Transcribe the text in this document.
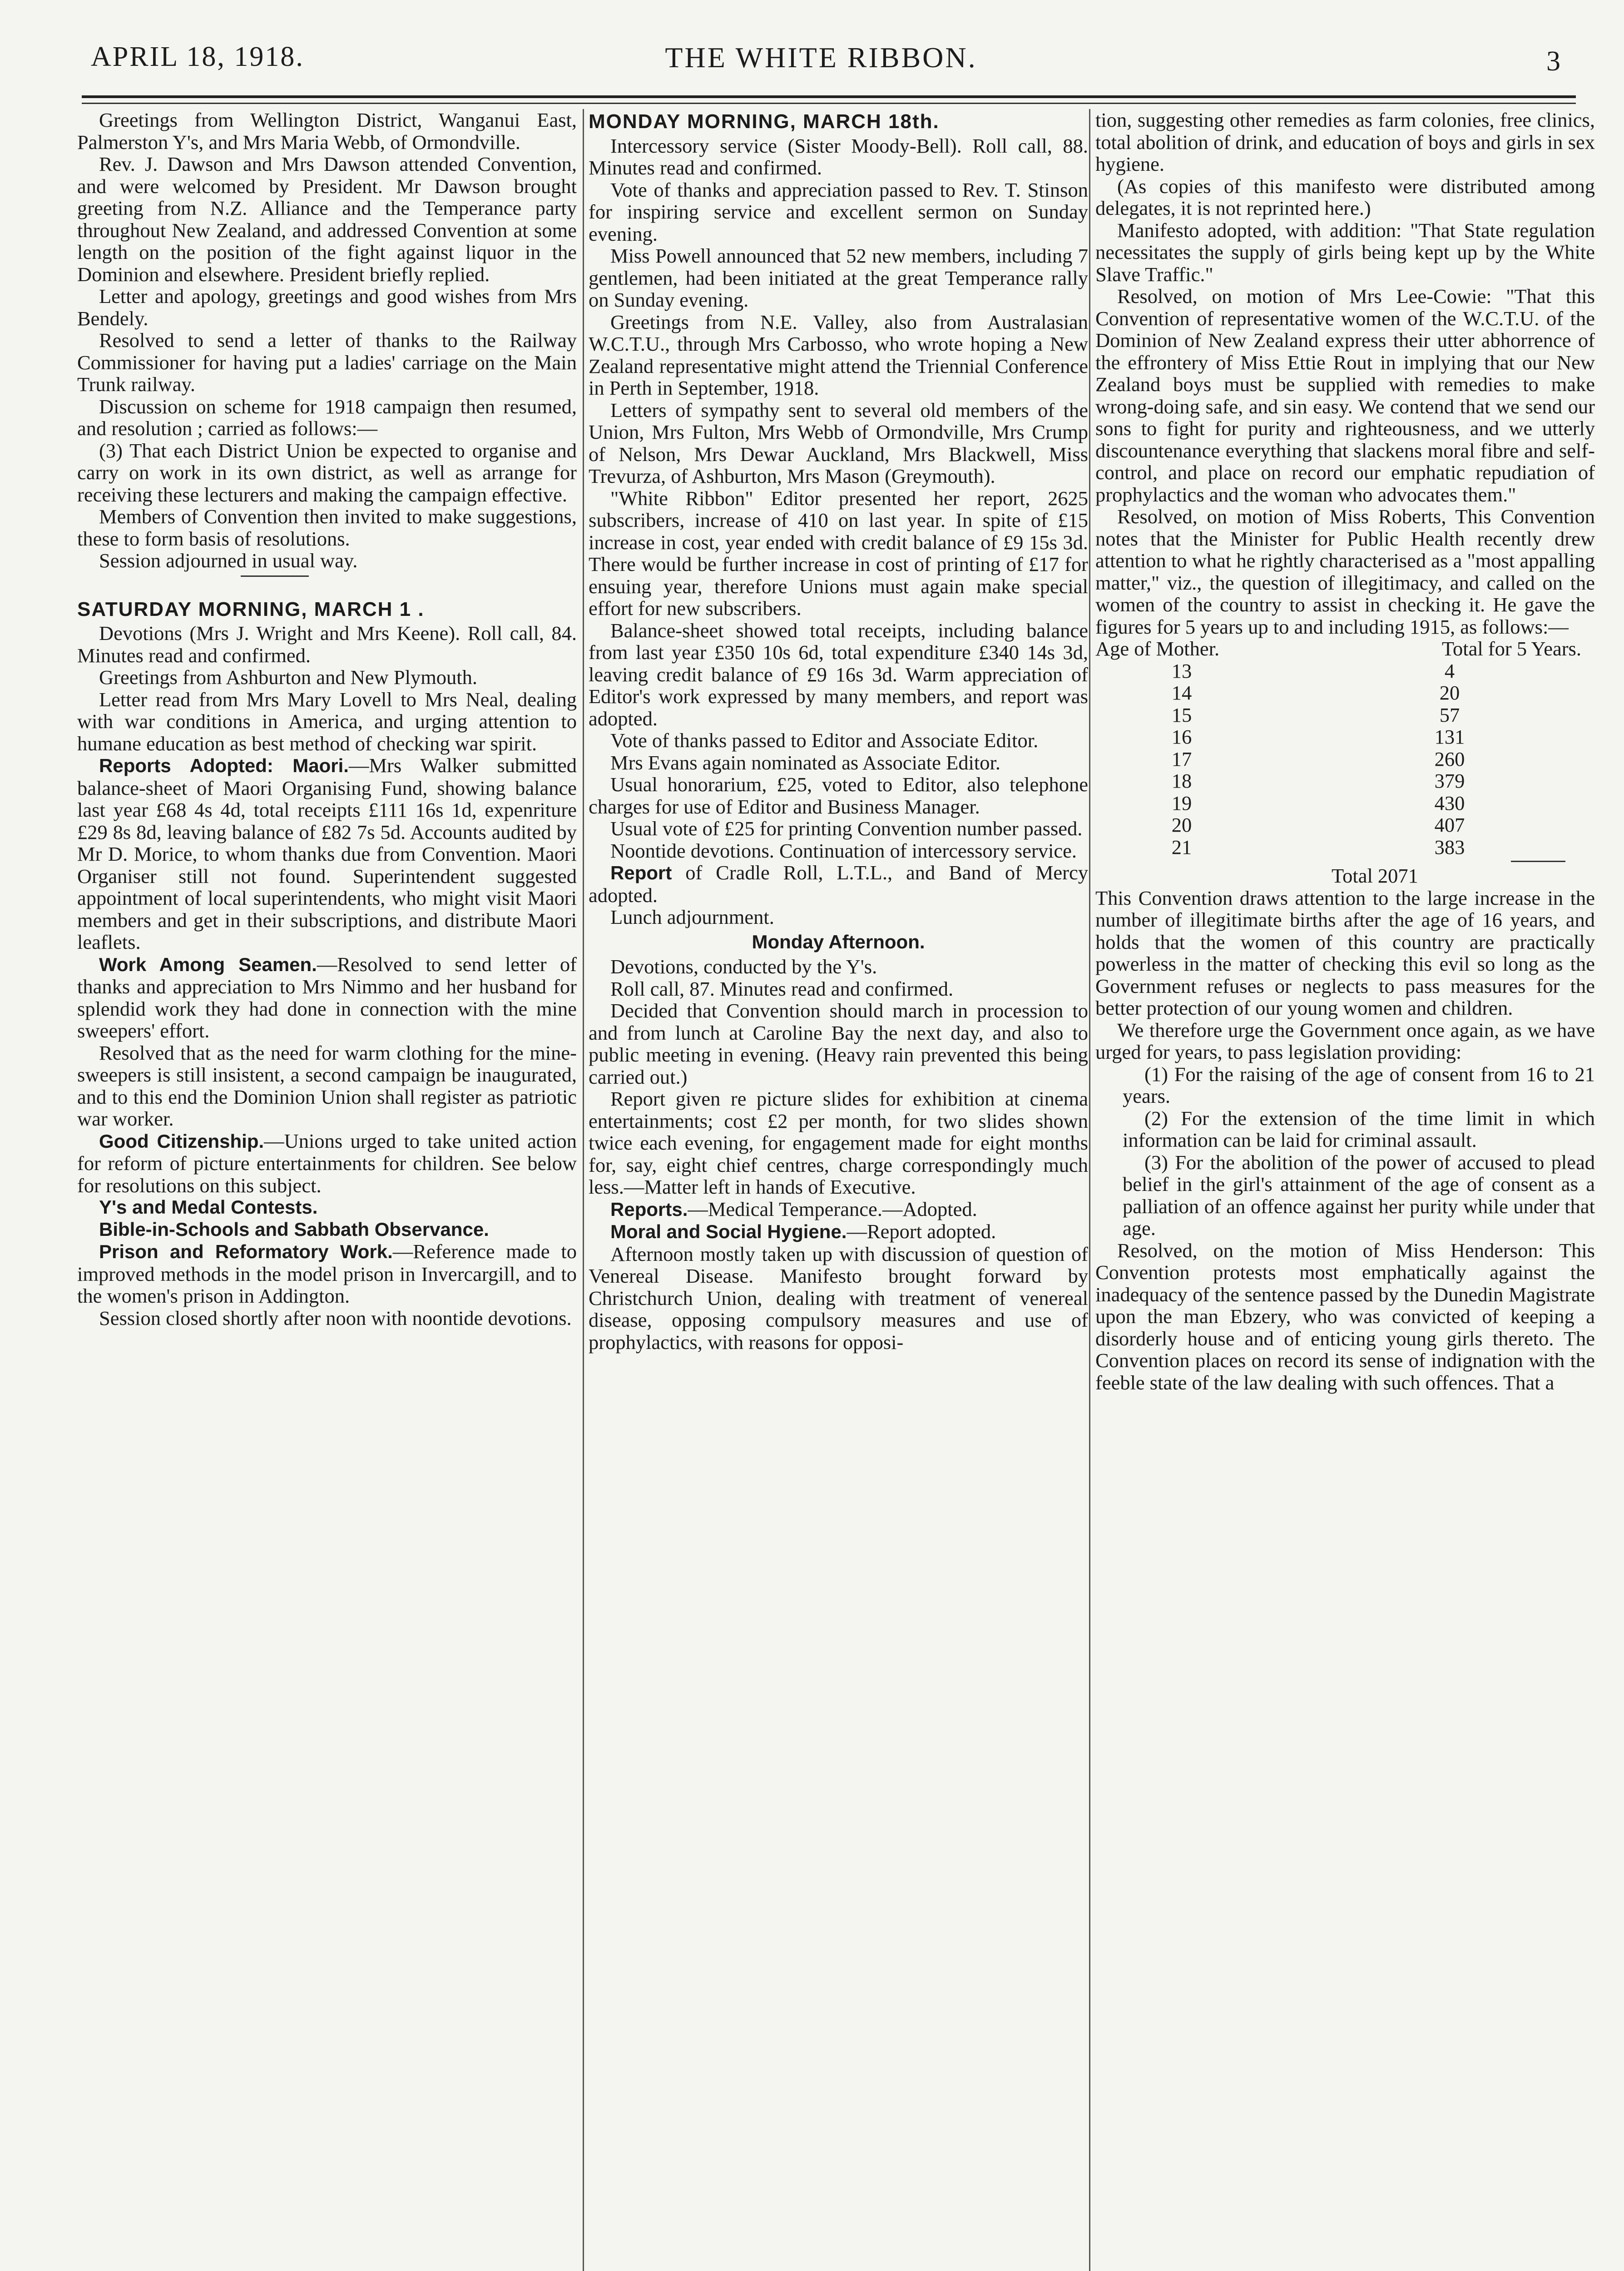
APRIL 18, 1918.	THE WHITE RIBBON.	3

Greetings from Wellington District, Wanganui East, Palmerston Y's, and Mrs Maria Webb, of Ormondville.

Rev. J. Dawson and Mrs Dawson attended Convention, and were welcomed by President. Mr Dawson brought greeting from N.Z. Alliance and the Temperance party throughout New Zealand, and addressed Convention at some length on the position of the fight against liquor in the Dominion and elsewhere. President briefly replied.

Letter and apology, greetings and good wishes from Mrs Bendely.

Resolved to send a letter of thanks to the Railway Commissioner for having put a ladies' carriage on the Main Trunk railway.

Discussion on scheme for 1918 campaign then resumed, and resolution ; carried as follows:—

(3) That each District Union be expected to organise and carry on work in its own district, as well as arrange for receiving these lecturers and making the campaign effective.

Members of Convention then invited to make suggestions, these to form basis of resolutions.

Session adjourned in usual way.

SATURDAY MORNING, MARCH 1 .

Devotions (Mrs J. Wright and Mrs Keene). Roll call, 84. Minutes read and confirmed.

Greetings from Ashburton and New Plymouth.

Letter read from Mrs Mary Lovell to Mrs Neal, dealing with war conditions in America, and urging attention to humane education as best method of checking war spirit.

Reports Adopted: Maori.—Mrs Walker submitted balance-sheet of Maori Organising Fund, showing balance last year £68 4s 4d, total receipts £111 16s 1d, expenriture £29 8s 8d, leaving balance of £82 7s 5d. Accounts audited by Mr D. Morice, to whom thanks due from Convention. Maori Organiser still not found. Superintendent suggested appointment of local superintendents, who might visit Maori members and get in their subscriptions, and distribute Maori leaflets.

Work Among Seamen.—Resolved to send letter of thanks and appreciation to Mrs Nimmo and her husband for splendid work they had done in connection with the mine sweepers' effort.

Resolved that as the need for warm clothing for the mine-sweepers is still insistent, a second campaign be inaugurated, and to this end the Dominion Union shall register as patriotic war worker.

Good Citizenship.—Unions urged to take united action for reform of picture entertainments for children. See below for resolutions on this subject.

Y's and Medal Contests.
Bible-in-Schools and Sabbath Observance.

Prison and Reformatory Work.—Reference made to improved methods in the model prison in Invercargill, and to the women's prison in Addington.

Session closed shortly after noon with noontide devotions.

MONDAY MORNING, MARCH 18th.

Intercessory service (Sister Moody-Bell). Roll call, 88. Minutes read and confirmed.

Vote of thanks and appreciation passed to Rev. T. Stinson for inspiring service and excellent sermon on Sunday evening.

Miss Powell announced that 52 new members, including 7 gentlemen, had been initiated at the great Temperance rally on Sunday evening.

Greetings from N.E. Valley, also from Australasian W.C.T.U., through Mrs Carbosso, who wrote hoping a New Zealand representative might attend the Triennial Conference in Perth in September, 1918.

Letters of sympathy sent to several old members of the Union, Mrs Fulton, Mrs Webb of Ormondville, Mrs Crump of Nelson, Mrs Dewar Auckland, Mrs Blackwell, Miss Trevurza, of Ashburton, Mrs Mason (Greymouth).

"White Ribbon" Editor presented her report, 2625 subscribers, increase of 410 on last year. In spite of £15 increase in cost, year ended with credit balance of £9 15s 3d. There would be further increase in cost of printing of £17 for ensuing year, therefore Unions must again make special effort for new subscribers.

Balance-sheet showed total receipts, including balance from last year £350 10s 6d, total expenditure £340 14s 3d, leaving credit balance of £9 16s 3d. Warm appreciation of Editor's work expressed by many members, and report was adopted.

Vote of thanks passed to Editor and Associate Editor.

Mrs Evans again nominated as Associate Editor.

Usual honorarium, £25, voted to Editor, also telephone charges for use of Editor and Business Manager.

Usual vote of £25 for printing Convention number passed.

Noontide devotions. Continuation of intercessory service.

Report of Cradle Roll, L.T.L., and Band of Mercy adopted.

Lunch adjournment.

Monday Afternoon.

Devotions, conducted by the Y's.

Roll call, 87. Minutes read and confirmed.

Decided that Convention should march in procession to and from lunch at Caroline Bay the next day, and also to public meeting in evening. (Heavy rain prevented this being carried out.)

Report given re picture slides for exhibition at cinema entertainments; cost £2 per month, for two slides shown twice each evening, for engagement made for eight months for, say, eight chief centres, charge correspondingly much less.—Matter left in hands of Executive.

Reports.—Medical Temperance.—Adopted.

Moral and Social Hygiene.—Report adopted.

Afternoon mostly taken up with discussion of question of Venereal Disease. Manifesto brought forward by Christchurch Union, dealing with treatment of venereal disease, opposing compulsory measures and use of prophylactics, with reasons for opposi-

tion, suggesting other remedies as farm colonies, free clinics, total abolition of drink, and education of boys and girls in sex hygiene.

(As copies of this manifesto were distributed among delegates, it is not reprinted here.)

Manifesto adopted, with addition: "That State regulation necessitates the supply of girls being kept up by the White Slave Traffic."

Resolved, on motion of Mrs Lee-Cowie: "That this Convention of representative women of the W.C.T.U. of the Dominion of New Zealand express their utter abhorrence of the effrontery of Miss Ettie Rout in implying that our New Zealand boys must be supplied with remedies to make wrong-doing safe, and sin easy. We contend that we send our sons to fight for purity and righteousness, and we utterly discountenance everything that slackens moral fibre and self-control, and place on record our emphatic repudiation of prophylactics and the woman who advocates them."

Resolved, on motion of Miss Roberts, This Convention notes that the Minister for Public Health recently drew attention to what he rightly characterised as a "most appalling matter," viz., the question of illegitimacy, and called on the women of the country to assist in checking it. He gave the figures for 5 years up to and including 1915, as follows:—

Age of Mother.	Total for 5 Years.
13	4
14	20
15	57
16	131
17	260
18	379
19	430
20	407
21	383
Total 2071

This Convention draws attention to the large increase in the number of illegitimate births after the age of 16 years, and holds that the women of this country are practically powerless in the matter of checking this evil so long as the Government refuses or neglects to pass measures for the better protection of our young women and children.

We therefore urge the Government once again, as we have urged for years, to pass legislation providing:

(1) For the raising of the age of consent from 16 to 21 years.

(2) For the extension of the time limit in which information can be laid for criminal assault.

(3) For the abolition of the power of accused to plead belief in the girl's attainment of the age of consent as a palliation of an offence against her purity while under that age.

Resolved, on the motion of Miss Henderson: This Convention protests most emphatically against the inadequacy of the sentence passed by the Dunedin Magistrate upon the man Ebzery, who was convicted of keeping a disorderly house and of enticing young girls thereto. The Convention places on record its sense of indignation with the feeble state of the law dealing with such offences. That a
